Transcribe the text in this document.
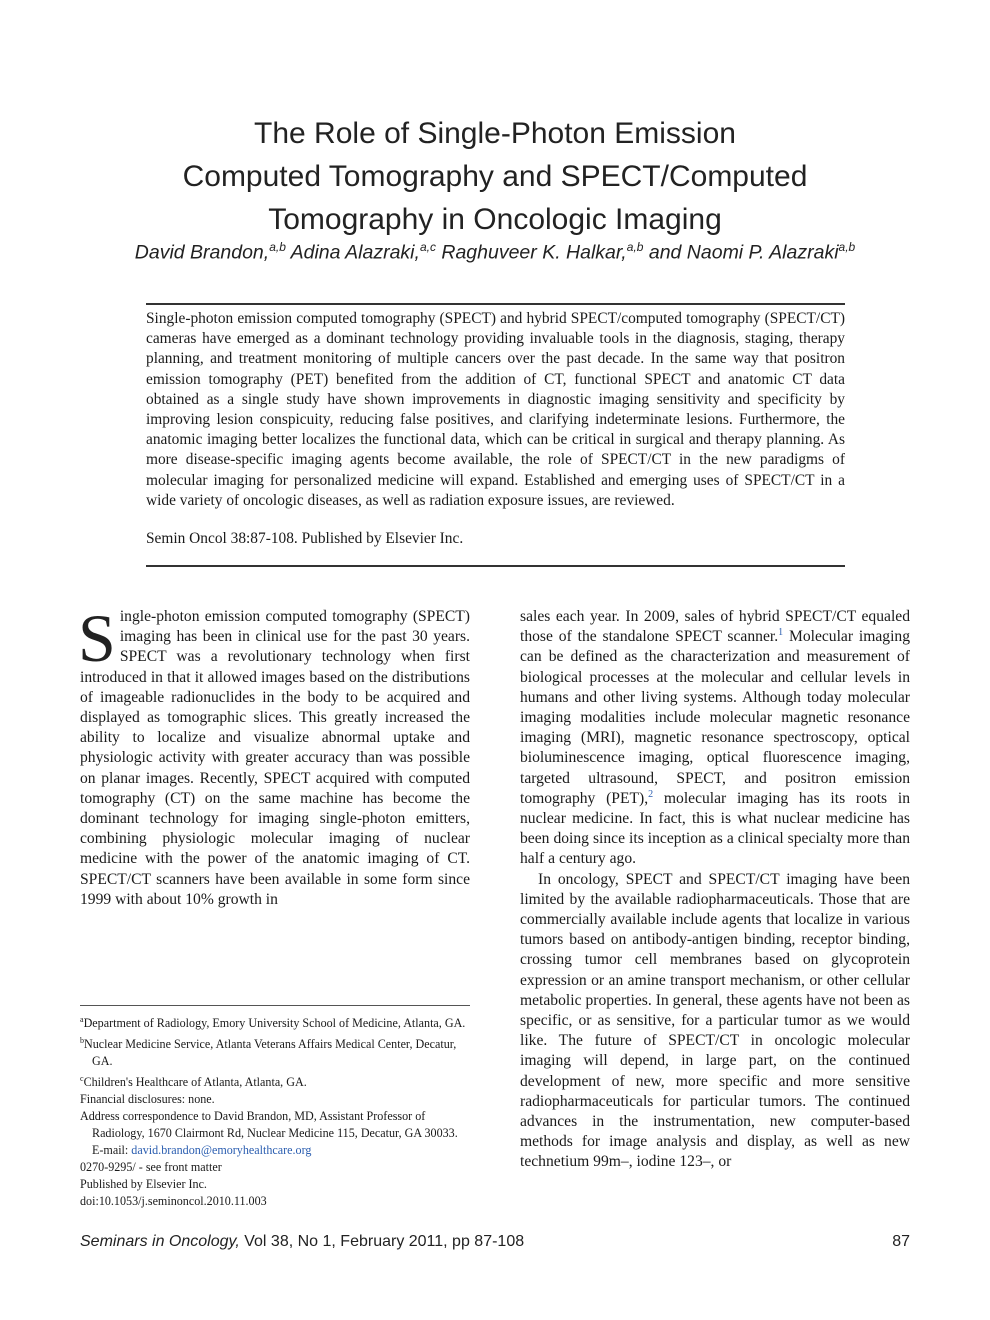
The Role of Single-Photon Emission
Computed Tomography and SPECT/Computed
Tomography in Oncologic Imaging
David Brandon,$^{a,b}$ Adina Alazraki,$^{a,c}$ Raghuveer K. Halkar,$^{a,b}$ and Naomi P. Alazraki$^{a,b}$

Single-photon emission computed tomography (SPECT) and hybrid SPECT/computed tomography (SPECT/CT) cameras have emerged as a dominant technology providing invaluable tools in the diagnosis, staging, therapy planning, and treatment monitoring of multiple cancers over the past decade. In the same way that positron emission tomography (PET) benefited from the addition of CT, functional SPECT and anatomic CT data obtained as a single study have shown improvements in diagnostic imaging sensitivity and specificity by improving lesion conspicuity, reducing false positives, and clarifying indeterminate lesions. Furthermore, the anatomic imaging better localizes the functional data, which can be critical in surgical and therapy planning. As more disease-specific imaging agents become available, the role of SPECT/CT in the new paradigms of molecular imaging for personalized medicine will expand. Established and emerging uses of SPECT/CT in a wide variety of oncologic diseases, as well as radiation exposure issues, are reviewed.

Semin Oncol 38:87-108. Published by Elsevier Inc.

Single-photon emission computed tomography (SPECT) imaging has been in clinical use for the past 30 years. SPECT was a revolutionary technology when first introduced in that it allowed images based on the distributions of imageable radionuclides in the body to be acquired and displayed as tomographic slices. This greatly increased the ability to localize and visualize abnormal uptake and physiologic activity with greater accuracy than was possible on planar images. Recently, SPECT acquired with computed tomography (CT) on the same machine has become the dominant technology for imaging single-photon emitters, combining physiologic molecular imaging of nuclear medicine with the power of the anatomic imaging of CT. SPECT/CT scanners have been available in some form since 1999 with about 10% growth in

sales each year. In 2009, sales of hybrid SPECT/CT equaled those of the standalone SPECT scanner.$^1$ Molecular imaging can be defined as the characterization and measurement of biological processes at the molecular and cellular levels in humans and other living systems. Although today molecular imaging modalities include molecular magnetic resonance imaging (MRI), magnetic resonance spectroscopy, optical bioluminescence imaging, optical fluorescence imaging, targeted ultrasound, SPECT, and positron emission tomography (PET),$^2$ molecular imaging has its roots in nuclear medicine. In fact, this is what nuclear medicine has been doing since its inception as a clinical specialty more than half a century ago.

In oncology, SPECT and SPECT/CT imaging have been limited by the available radiopharmaceuticals. Those that are commercially available include agents that localize in various tumors based on antibody-antigen binding, receptor binding, crossing tumor cell membranes based on glycoprotein expression or an amine transport mechanism, or other cellular metabolic properties. In general, these agents have not been as specific, or as sensitive, for a particular tumor as we would like. The future of SPECT/CT in oncologic molecular imaging will depend, in large part, on the continued development of new, more specific and more sensitive radiopharmaceuticals for particular tumors. The continued advances in the instrumentation, new computer-based methods for image analysis and display, as well as new technetium 99m–, iodine 123–, or

$^a$Department of Radiology, Emory University School of Medicine, Atlanta, GA.

$^b$Nuclear Medicine Service, Atlanta Veterans Affairs Medical Center, Decatur, GA.

$^c$Children's Healthcare of Atlanta, Atlanta, GA.

Financial disclosures: none.

Address correspondence to David Brandon, MD, Assistant Professor of Radiology, 1670 Clairmont Rd, Nuclear Medicine 115, Decatur, GA 30033. E-mail: david.brandon@emoryhealthcare.org

0270-9295/ - see front matter

Published by Elsevier Inc.

doi:10.1053/j.seminoncol.2010.11.003

Seminars in Oncology, Vol 38, No 1, February 2011, pp 87-108	87
